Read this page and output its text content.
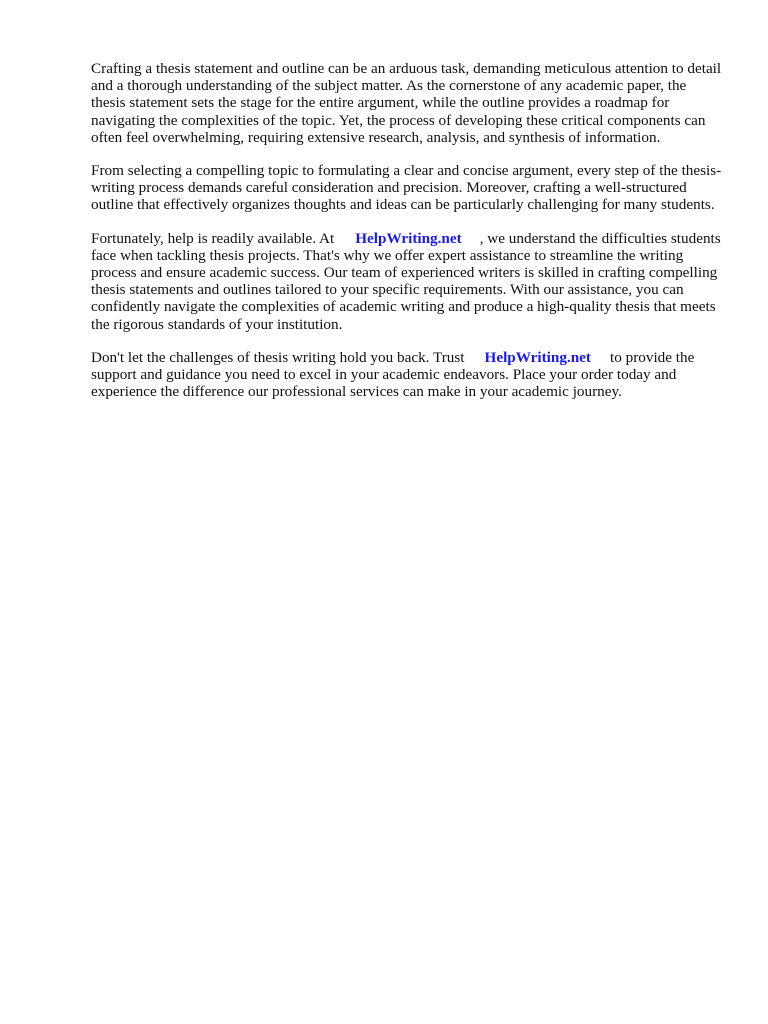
Crafting a thesis statement and outline can be an arduous task, demanding meticulous attention to detail and a thorough understanding of the subject matter. As the cornerstone of any academic paper, the thesis statement sets the stage for the entire argument, while the outline provides a roadmap for navigating the complexities of the topic. Yet, the process of developing these critical components can often feel overwhelming, requiring extensive research, analysis, and synthesis of information.

From selecting a compelling topic to formulating a clear and concise argument, every step of the thesis-writing process demands careful consideration and precision. Moreover, crafting a well-structured outline that effectively organizes thoughts and ideas can be particularly challenging for many students.

Fortunately, help is readily available. At HelpWriting.net , we understand the difficulties students face when tackling thesis projects. That's why we offer expert assistance to streamline the writing process and ensure academic success. Our team of experienced writers is skilled in crafting compelling thesis statements and outlines tailored to your specific requirements. With our assistance, you can confidently navigate the complexities of academic writing and produce a high-quality thesis that meets the rigorous standards of your institution.

Don't let the challenges of thesis writing hold you back. Trust HelpWriting.net to provide the support and guidance you need to excel in your academic endeavors. Place your order today and experience the difference our professional services can make in your academic journey.
